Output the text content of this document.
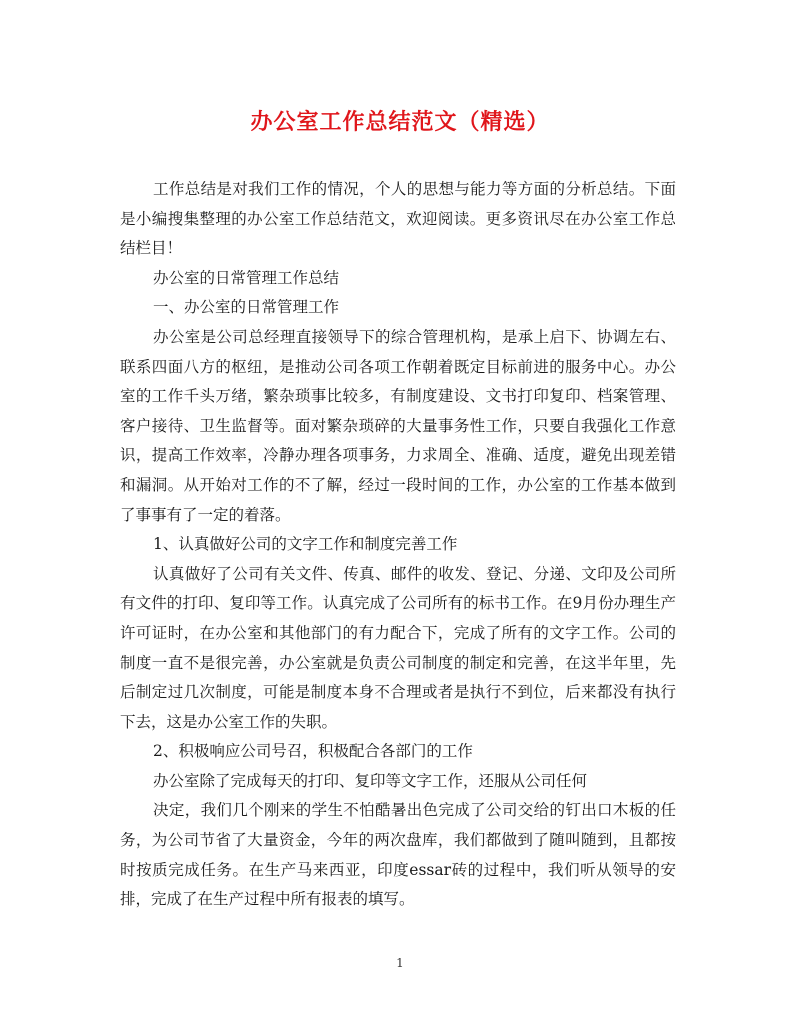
办公室工作总结范文（精选）

工作总结是对我们工作的情况，个人的思想与能力等方面的分析总结。下面是小编搜集整理的办公室工作总结范文，欢迎阅读。更多资讯尽在办公室工作总结栏目！

办公室的日常管理工作总结

一、办公室的日常管理工作

办公室是公司总经理直接领导下的综合管理机构，是承上启下、协调左右、联系四面八方的枢纽，是推动公司各项工作朝着既定目标前进的服务中心。办公室的工作千头万绪，繁杂琐事比较多，有制度建设、文书打印复印、档案管理、客户接待、卫生监督等。面对繁杂琐碎的大量事务性工作，只要自我强化工作意识，提高工作效率，冷静办理各项事务，力求周全、准确、适度，避免出现差错和漏洞。从开始对工作的不了解，经过一段时间的工作，办公室的工作基本做到了事事有了一定的着落。

1、认真做好公司的文字工作和制度完善工作

认真做好了公司有关文件、传真、邮件的收发、登记、分递、文印及公司所有文件的打印、复印等工作。认真完成了公司所有的标书工作。在9月份办理生产许可证时，在办公室和其他部门的有力配合下，完成了所有的文字工作。公司的制度一直不是很完善，办公室就是负责公司制度的制定和完善，在这半年里，先后制定过几次制度，可能是制度本身不合理或者是执行不到位，后来都没有执行下去，这是办公室工作的失职。

2、积极响应公司号召，积极配合各部门的工作

办公室除了完成每天的打印、复印等文字工作，还服从公司任何

决定，我们几个刚来的学生不怕酷暑出色完成了公司交给的钉出口木板的任务，为公司节省了大量资金，今年的两次盘库，我们都做到了随叫随到，且都按时按质完成任务。在生产马来西亚，印度essar砖的过程中，我们听从领导的安排，完成了在生产过程中所有报表的填写。

1
